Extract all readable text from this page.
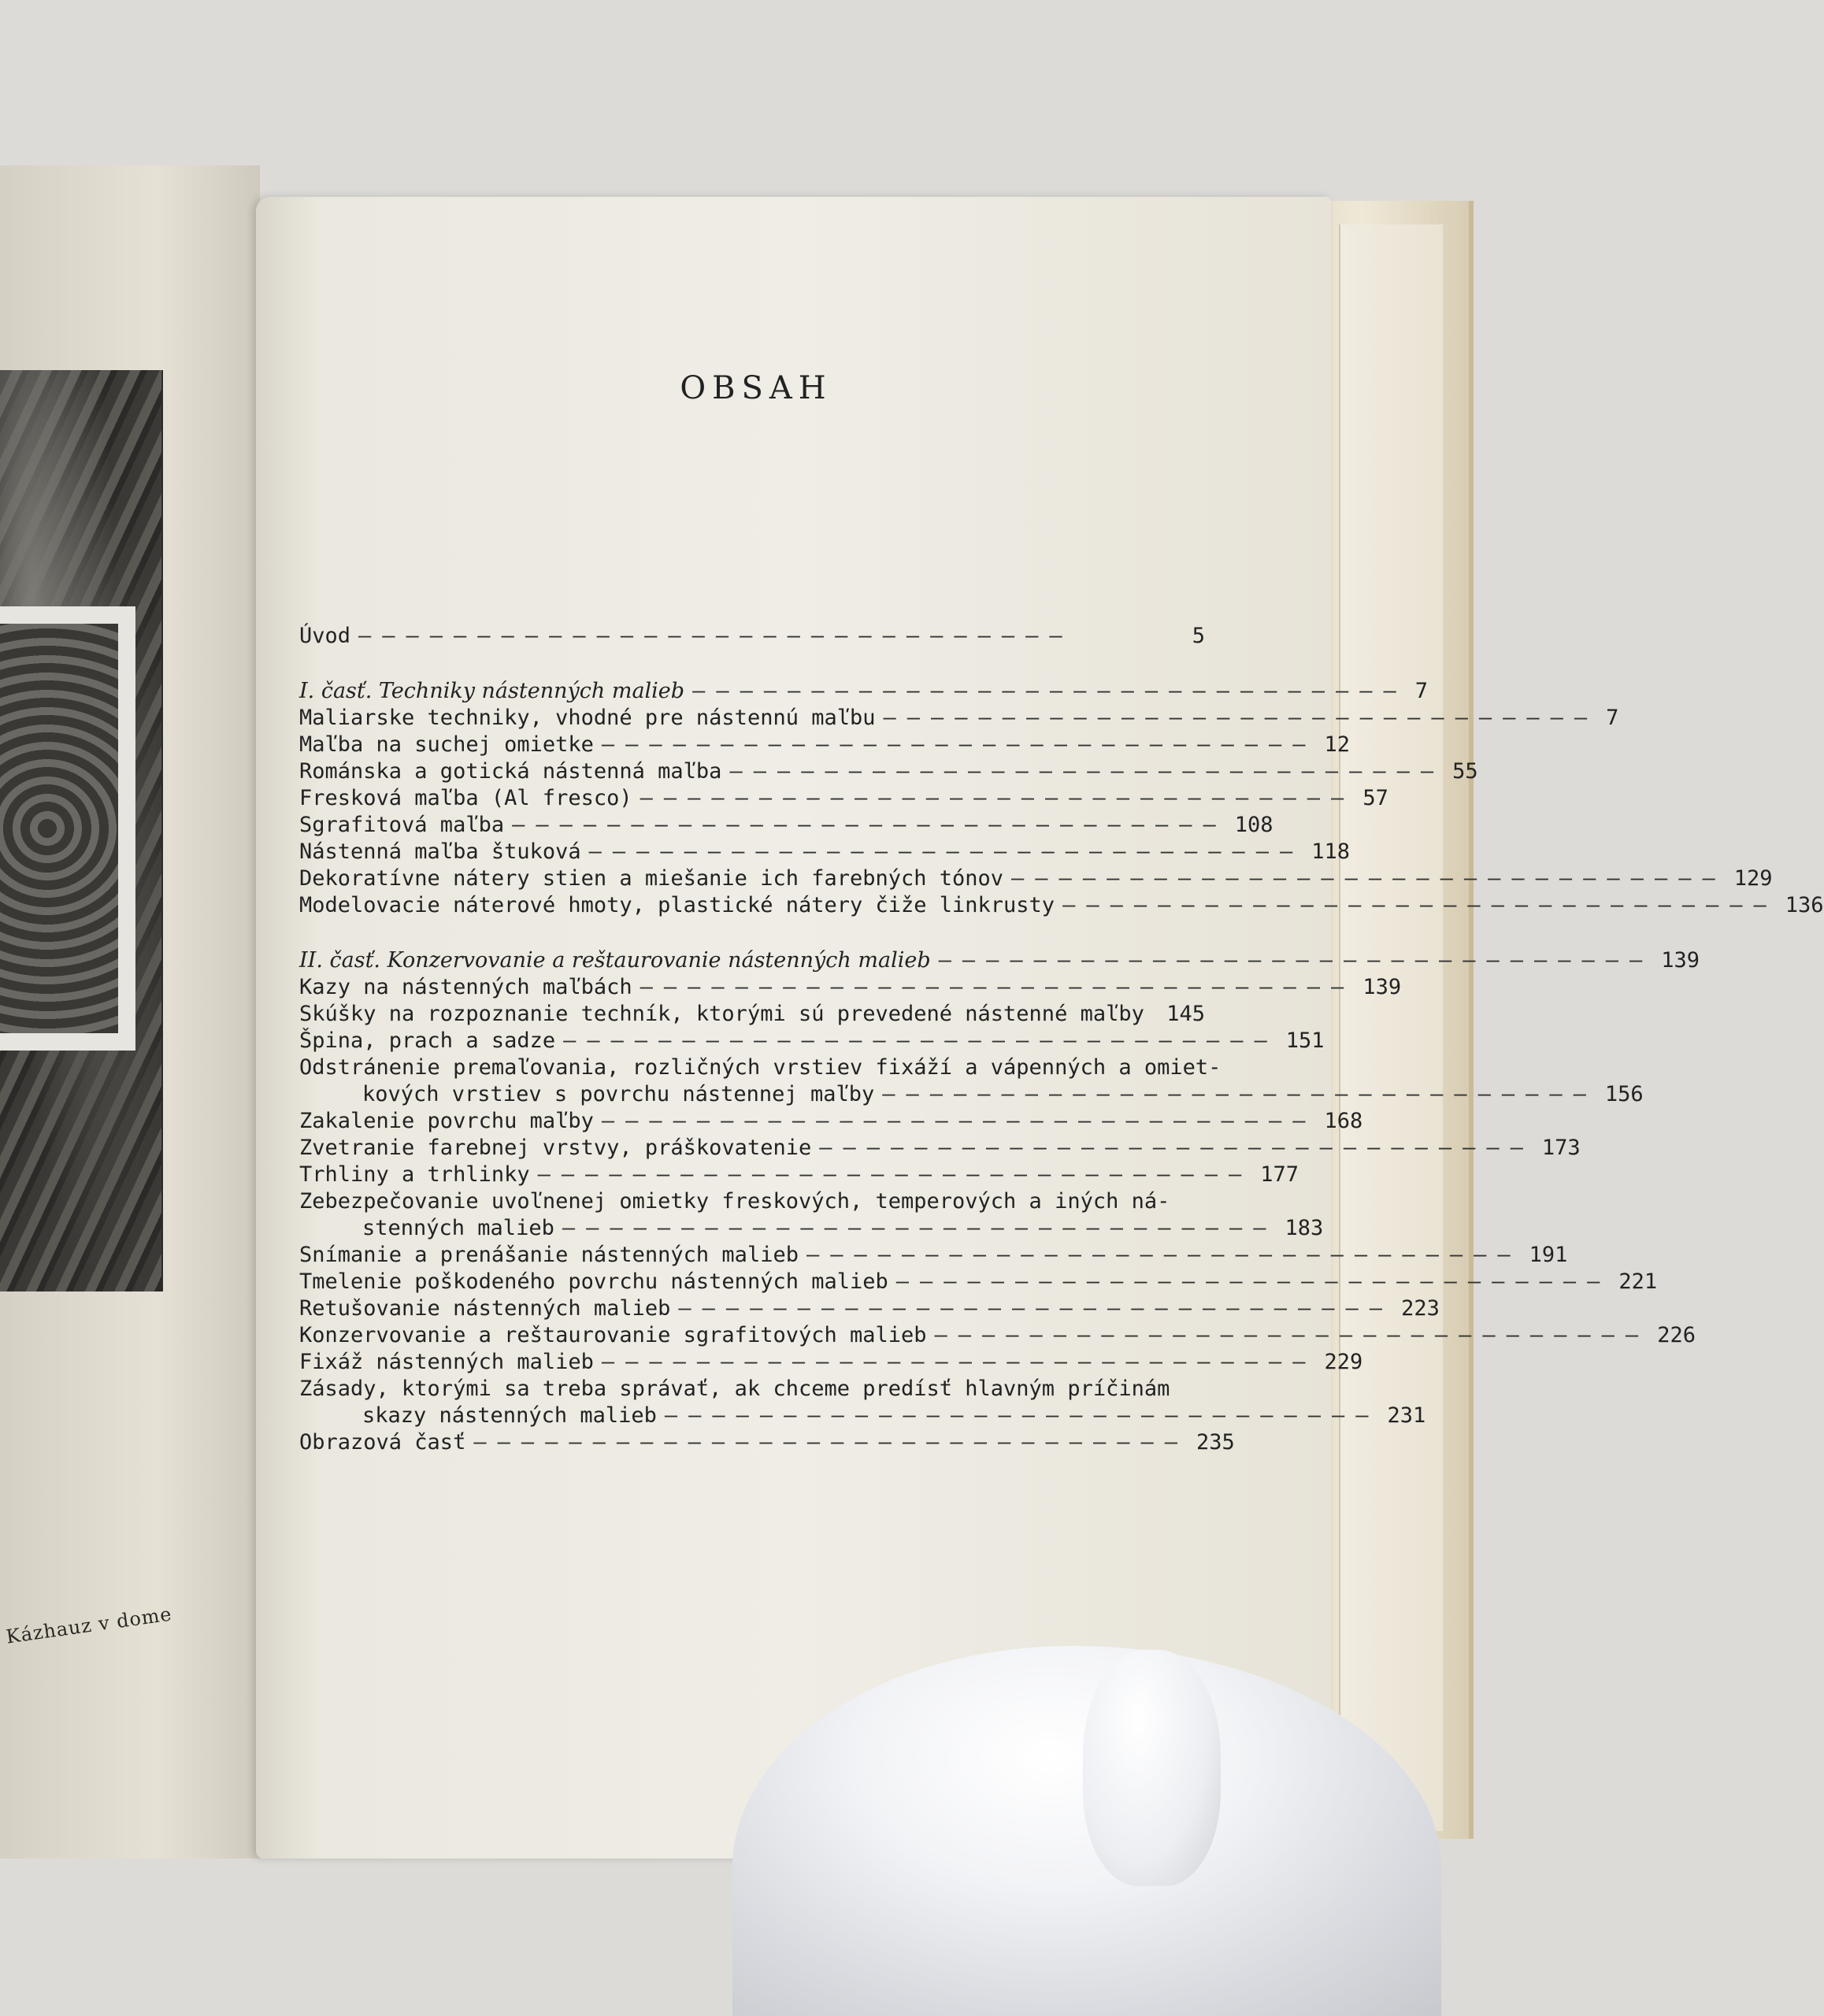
Kázhauz v dome
OBSAH
Úvod ——————————————————————————————	5
I. časť. Techniky nástenných malieb —————————————————————————————— 7
Maliarske techniky, vhodné pre nástennú maľbu —————————————————————————————— 7
Maľba na suchej omietke —————————————————————————————— 12
Románska a gotická nástenná maľba —————————————————————————————— 55
Fresková maľba (Al fresco) —————————————————————————————— 57
Sgrafitová maľba —————————————————————————————— 108
Nástenná maľba štuková —————————————————————————————— 118
Dekoratívne nátery stien a miešanie ich farebných tónov —————————————————————————————— 129
Modelovacie náterové hmoty, plastické nátery čiže linkrusty —————————————————————————————— 136
II. časť. Konzervovanie a reštaurovanie nástenných malieb —————————————————————————————— 139
Kazy na nástenných maľbách —————————————————————————————— 139
Skúšky na rozpoznanie techník, ktorými sú prevedené nástenné maľby	145
Špina, prach a sadze —————————————————————————————— 151
Odstránenie premaľovania, rozličných vrstiev fixáží a vápenných a omiet-
kových vrstiev s povrchu nástennej maľby —————————————————————————————— 156
Zakalenie povrchu maľby —————————————————————————————— 168
Zvetranie farebnej vrstvy, práškovatenie —————————————————————————————— 173
Trhliny a trhlinky —————————————————————————————— 177
Zebezpečovanie uvoľnenej omietky freskových, temperových a iných ná-
stenných malieb —————————————————————————————— 183
Snímanie a prenášanie nástenných malieb —————————————————————————————— 191
Tmelenie poškodeného povrchu nástenných malieb —————————————————————————————— 221
Retušovanie nástenných malieb —————————————————————————————— 223
Konzervovanie a reštaurovanie sgrafitových malieb —————————————————————————————— 226
Fixáž nástenných malieb —————————————————————————————— 229
Zásady, ktorými sa treba správať, ak chceme predísť hlavným príčinám
skazy nástenných malieb —————————————————————————————— 231
Obrazová časť —————————————————————————————— 235
